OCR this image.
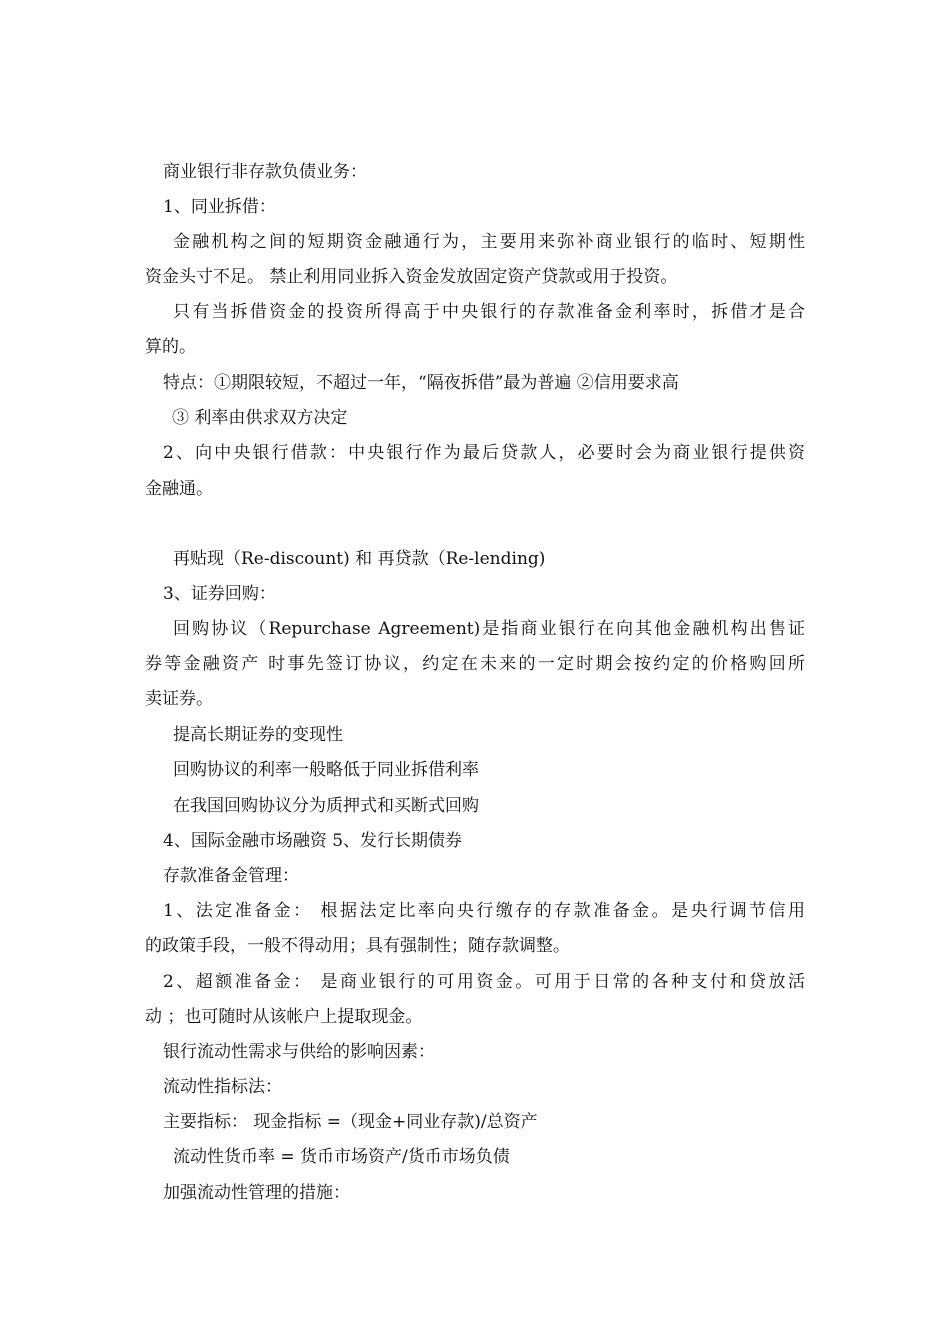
商业银行非存款负债业务：
1、同业拆借：
金融机构之间的短期资金融通行为，主要用来弥补商业银行的临时、短期性
资金头寸不足。 禁止利用同业拆入资金发放固定资产贷款或用于投资。
只有当拆借资金的投资所得高于中央银行的存款准备金利率时，拆借才是合
算的。
特点：①期限较短，不超过一年，“隔夜拆借”最为普遍 ②信用要求高
③ 利率由供求双方决定
2、向中央银行借款：中央银行作为最后贷款人，必要时会为商业银行提供资
金融通。
再贴现（Re-discount) 和 再贷款（Re-lending)
3、证券回购：
回购协议（Repurchase Agreement)是指商业银行在向其他金融机构出售证
券等金融资产 时事先签订协议，约定在未来的一定时期会按约定的价格购回所
卖证券。
提高长期证券的变现性
回购协议的利率一般略低于同业拆借利率
在我国回购协议分为质押式和买断式回购
4、国际金融市场融资 5、发行长期债券
存款准备金管理：
1、法定准备金： 根据法定比率向央行缴存的存款准备金。是央行调节信用
的政策手段，一般不得动用；具有强制性；随存款调整。
2、超额准备金： 是商业银行的可用资金。可用于日常的各种支付和贷放活
动 ；也可随时从该帐户上提取现金。
银行流动性需求与供给的影响因素：
流动性指标法：
主要指标： 现金指标 =（现金+同业存款)/总资产
流动性货币率 = 货币市场资产/货币市场负债
加强流动性管理的措施：
